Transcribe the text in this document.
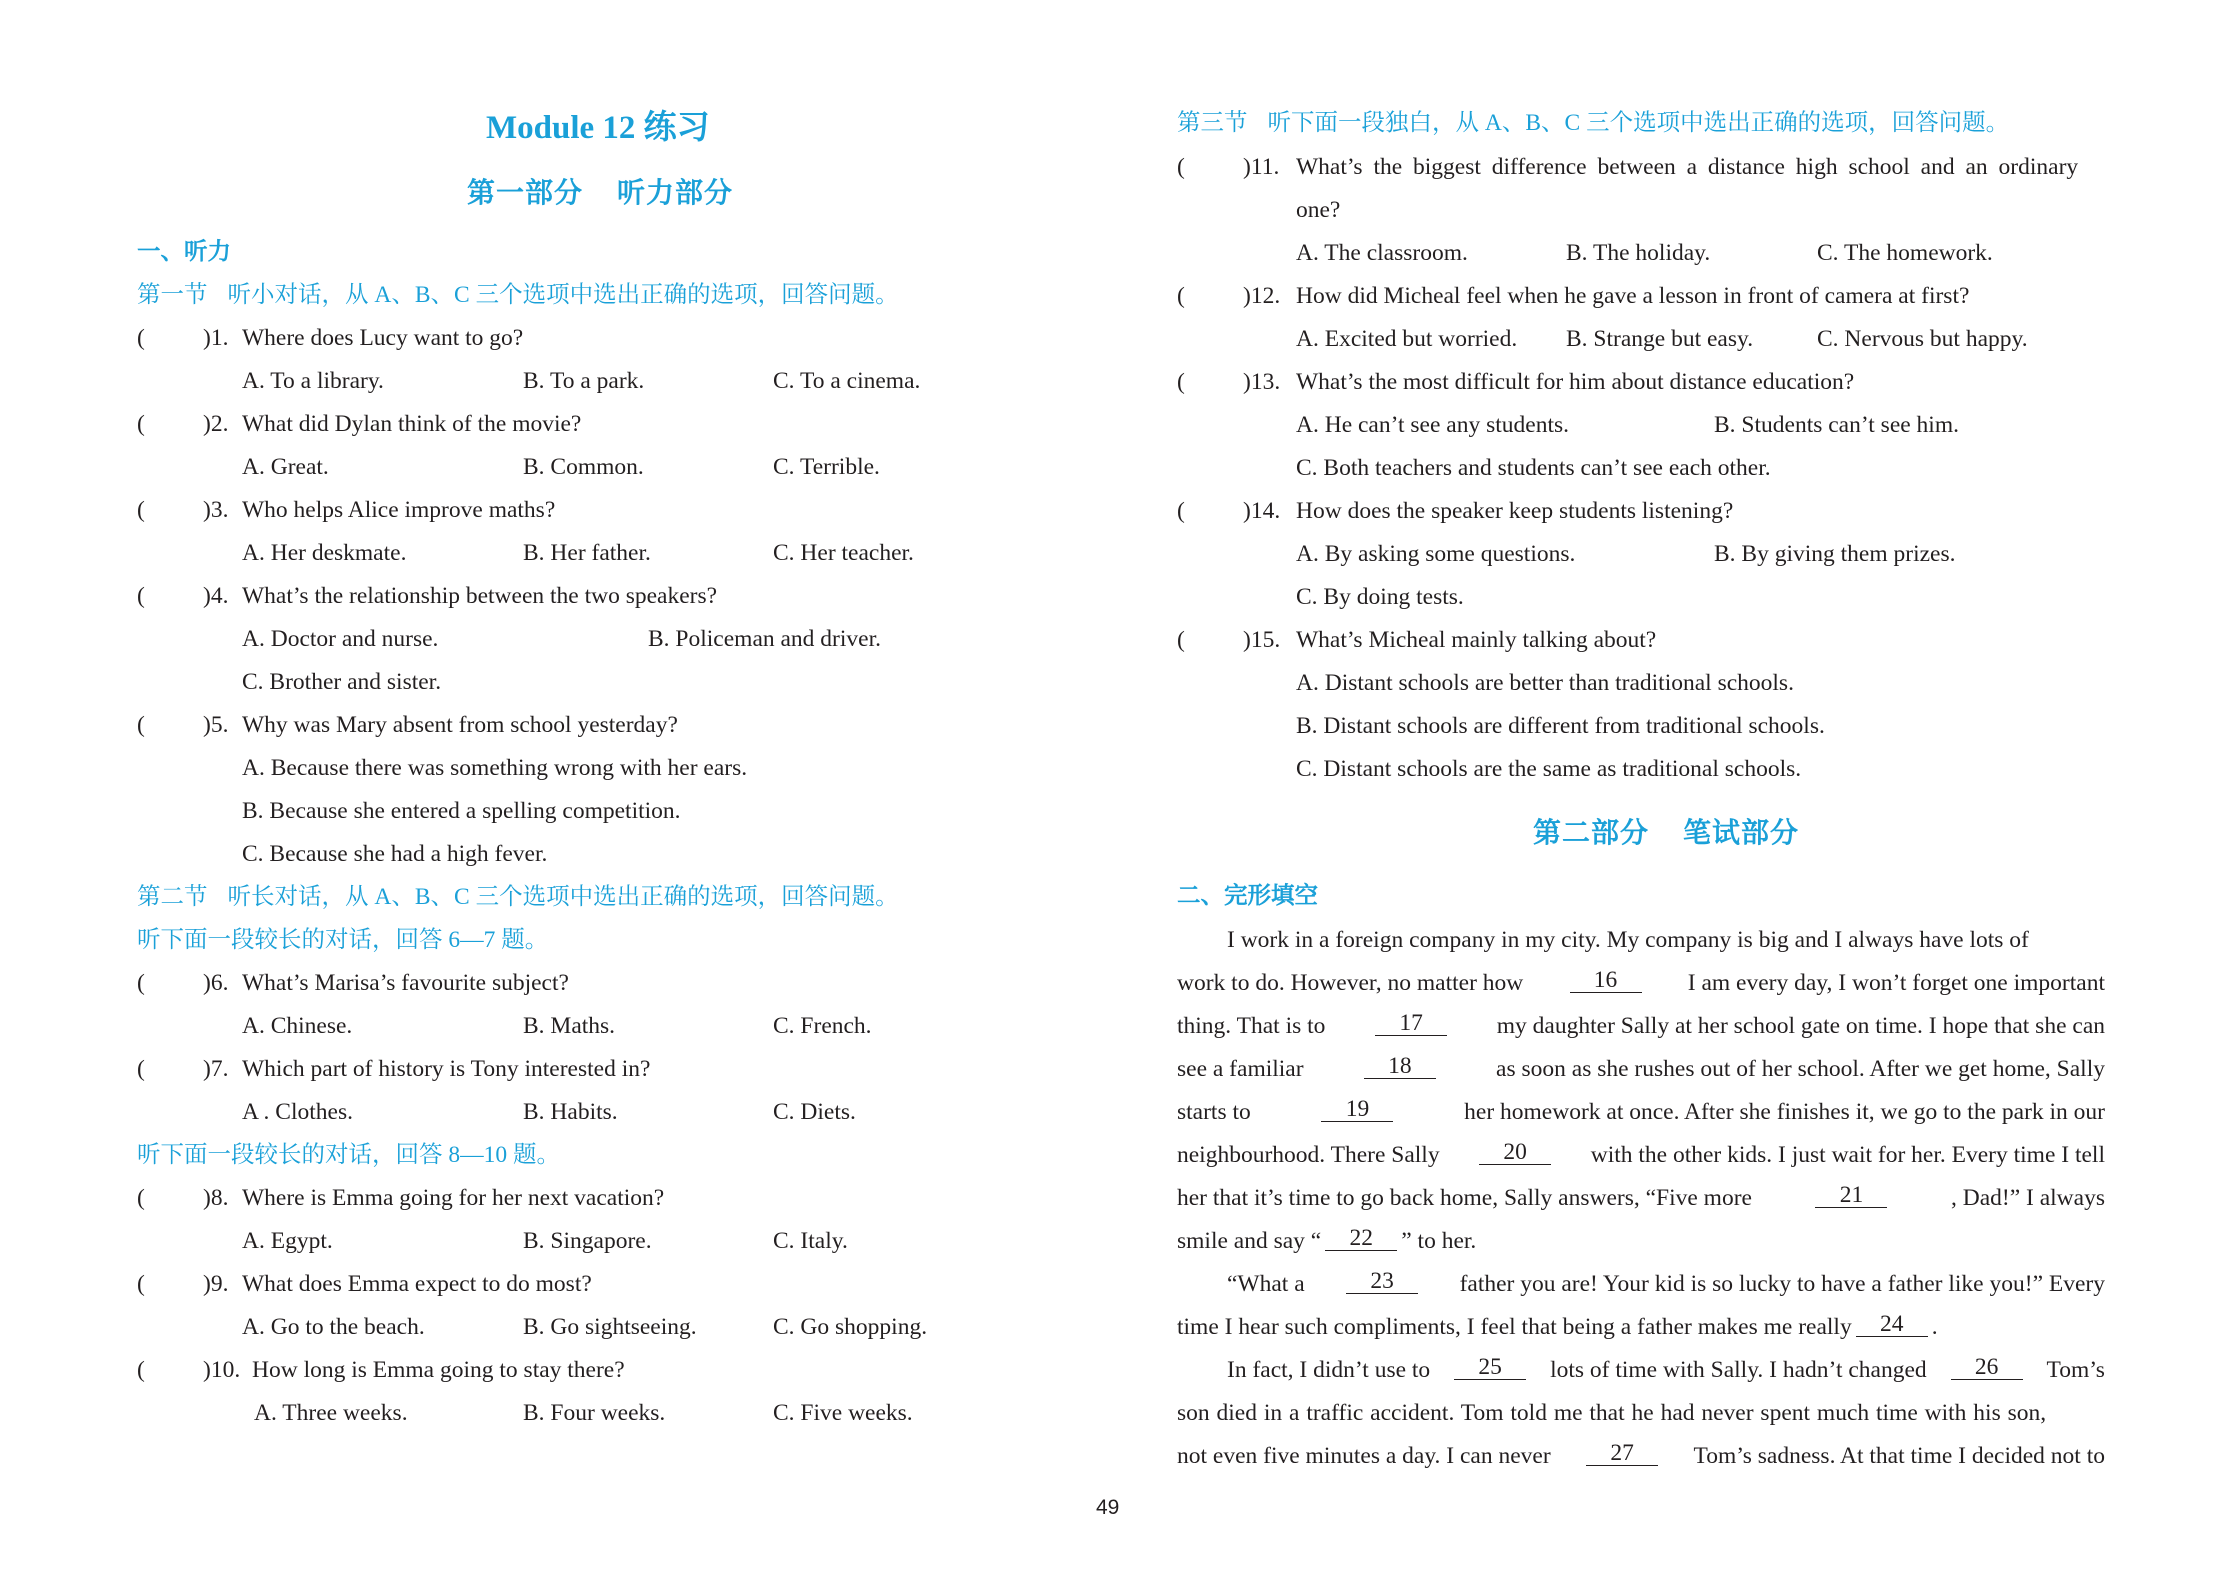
Module 12 练习
第一部分 听力部分
一、听力
第一节 听小对话，从 A、B、C 三个选项中选出正确的选项，回答问题。
( )1. Where does Lucy want to go?
A. To a library.	B. To a park.	C. To a cinema.
( )2. What did Dylan think of the movie?
A. Great.	B. Common.	C. Terrible.
( )3. Who helps Alice improve maths?
A. Her deskmate.	B. Her father.	C. Her teacher.
( )4. What’s the relationship between the two speakers?
A. Doctor and nurse.	B. Policeman and driver.
C. Brother and sister.
( )5. Why was Mary absent from school yesterday?
A. Because there was something wrong with her ears.
B. Because she entered a spelling competition.
C. Because she had a high fever.
第二节 听长对话，从 A、B、C 三个选项中选出正确的选项，回答问题。
听下面一段较长的对话，回答 6—7 题。
( )6. What’s Marisa’s favourite subject?
A. Chinese.	B. Maths.	C. French.
( )7. Which part of history is Tony interested in?
A . Clothes.	B. Habits.	C. Diets.
听下面一段较长的对话，回答 8—10 题。
( )8. Where is Emma going for her next vacation?
A. Egypt.	B. Singapore.	C. Italy.
( )9. What does Emma expect to do most?
A. Go to the beach.	B. Go sightseeing.	C. Go shopping.
( )10. How long is Emma going to stay there?
A. Three weeks.	B. Four weeks.	C. Five weeks.
第三节 听下面一段独白，从 A、B、C 三个选项中选出正确的选项，回答问题。
( )11. What’s the biggest difference between a distance high school and an ordinary
one?
A. The classroom.	B. The holiday.	C. The homework.
( )12. How did Micheal feel when he gave a lesson in front of camera at first?
A. Excited but worried. B. Strange but easy.	C. Nervous but happy.
( )13. What’s the most difficult for him about distance education?
A. He can’t see any students.	B. Students can’t see him.
C. Both teachers and students can’t see each other.
( )14. How does the speaker keep students listening?
A. By asking some questions.	B. By giving them prizes.
C. By doing tests.
( )15. What’s Micheal mainly talking about?
A. Distant schools are better than traditional schools.
B. Distant schools are different from traditional schools.
C. Distant schools are the same as traditional schools.
第二部分 笔试部分
二、完形填空
I work in a foreign company in my city. My company is big and I always have lots of
work to do. However, no matter how	16	I am every day, I won’t forget one important
thing. That is to	17	my daughter Sally at her school gate on time. I hope that she can
see a familiar	18	as soon as she rushes out of her school. After we get home, Sally
starts to	19	her homework at once. After she finishes it, we go to the park in our
neighbourhood. There Sally	20	with the other kids. I just wait for her. Every time I tell
her that it’s time to go back home, Sally answers, “Five more	21	, Dad!” I always
smile and say “	22	” to her.
“What a	23	father you are! Your kid is so lucky to have a father like you!” Every
time I hear such compliments, I feel that being a father makes me really	24	.
In fact, I didn’t use to	25	lots of time with Sally. I hadn’t changed	26	Tom’s
son died in a traffic accident. Tom told me that he had never spent much time with his son,
not even five minutes a day. I can never	27	Tom’s sadness. At that time I decided not to
49
